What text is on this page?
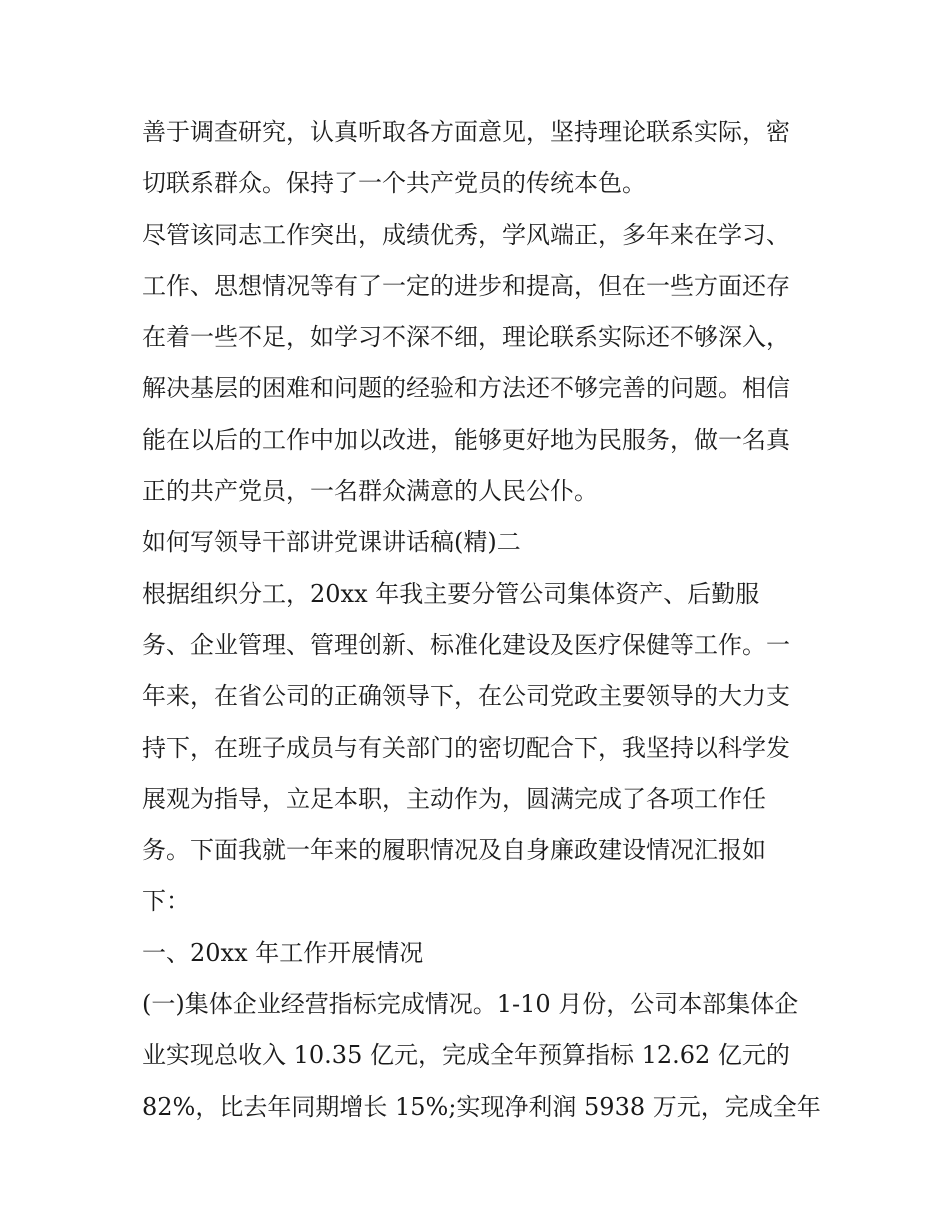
善于调查研究，认真听取各方面意见，坚持理论联系实际，密
切联系群众。保持了一个共产党员的传统本色。
尽管该同志工作突出，成绩优秀，学风端正，多年来在学习、
工作、思想情况等有了一定的进步和提高，但在一些方面还存
在着一些不足，如学习不深不细，理论联系实际还不够深入，
解决基层的困难和问题的经验和方法还不够完善的问题。相信
能在以后的工作中加以改进，能够更好地为民服务，做一名真
正的共产党员，一名群众满意的人民公仆。
如何写领导干部讲党课讲话稿(精)二
根据组织分工，20xx 年我主要分管公司集体资产、后勤服
务、企业管理、管理创新、标准化建设及医疗保健等工作。一
年来，在省公司的正确领导下，在公司党政主要领导的大力支
持下，在班子成员与有关部门的密切配合下，我坚持以科学发
展观为指导，立足本职，主动作为，圆满完成了各项工作任
务。下面我就一年来的履职情况及自身廉政建设情况汇报如
下：
一、20xx 年工作开展情况
(一)集体企业经营指标完成情况。1-10 月份，公司本部集体企
业实现总收入 10.35 亿元，完成全年预算指标 12.62 亿元的
82%，比去年同期增长 15%;实现净利润 5938 万元，完成全年
